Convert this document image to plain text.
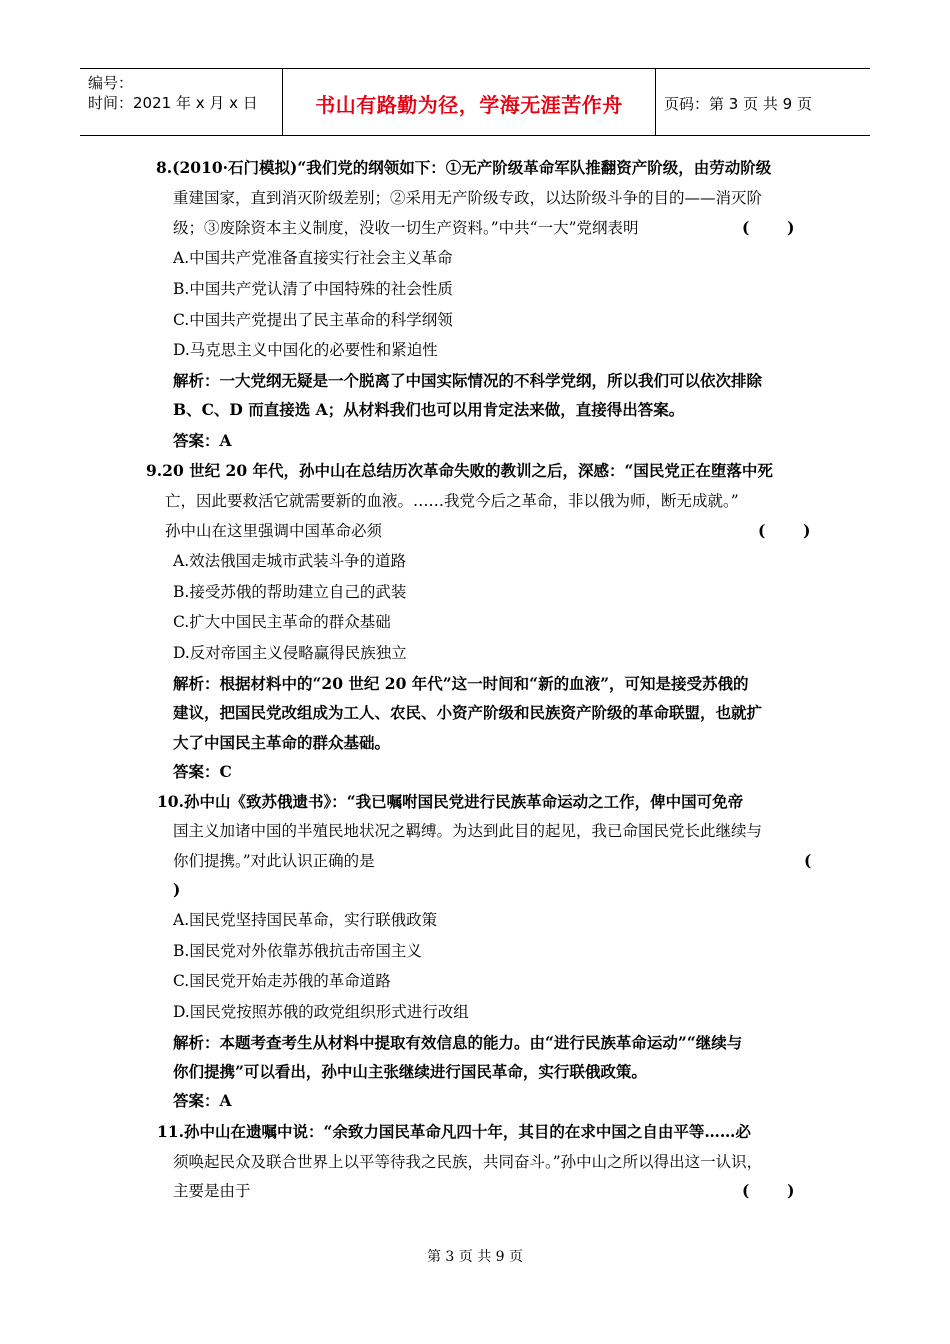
编号：
时间：2021 年 x 月 x 日	书山有路勤为径，学海无涯苦作舟	页码：第 3 页 共 9 页
8.(2010·石门模拟)“我们党的纲领如下：①无产阶级革命军队推翻资产阶级，由劳动阶级
重建国家，直到消灭阶级差别；②采用无产阶级专政，以达阶级斗争的目的——消灭阶
级；③废除资本主义制度，没收一切生产资料。”中共“一大”党纲表明	(       )
A.中国共产党准备直接实行社会主义革命
B.中国共产党认清了中国特殊的社会性质
C.中国共产党提出了民主革命的科学纲领
D.马克思主义中国化的必要性和紧迫性
解析：一大党纲无疑是一个脱离了中国实际情况的不科学党纲，所以我们可以依次排除
B、C、D 而直接选 A；从材料我们也可以用肯定法来做，直接得出答案。
答案：A
9.20 世纪 20 年代，孙中山在总结历次革命失败的教训之后，深感：“国民党正在堕落中死
亡，因此要救活它就需要新的血液。……我党今后之革命，非以俄为师，断无成就。”
孙中山在这里强调中国革命必须	(       )
A.效法俄国走城市武装斗争的道路
B.接受苏俄的帮助建立自己的武装
C.扩大中国民主革命的群众基础
D.反对帝国主义侵略赢得民族独立
解析：根据材料中的“20 世纪 20 年代”这一时间和“新的血液”，可知是接受苏俄的
建议，把国民党改组成为工人、农民、小资产阶级和民族资产阶级的革命联盟，也就扩
大了中国民主革命的群众基础。
答案：C
10.孙中山《致苏俄遗书》：“我已嘱咐国民党进行民族革命运动之工作，俾中国可免帝
国主义加诸中国的半殖民地状况之羁缚。为达到此目的起见，我已命国民党长此继续与
你们提携。”对此认识正确的是	(
)
A.国民党坚持国民革命，实行联俄政策
B.国民党对外依靠苏俄抗击帝国主义
C.国民党开始走苏俄的革命道路
D.国民党按照苏俄的政党组织形式进行改组
解析：本题考查考生从材料中提取有效信息的能力。由“进行民族革命运动”“继续与
你们提携”可以看出，孙中山主张继续进行国民革命，实行联俄政策。
答案：A
11.孙中山在遗嘱中说：“余致力国民革命凡四十年，其目的在求中国之自由平等……必
须唤起民众及联合世界上以平等待我之民族，共同奋斗。”孙中山之所以得出这一认识，
主要是由于	(       )
第 3 页 共 9 页
